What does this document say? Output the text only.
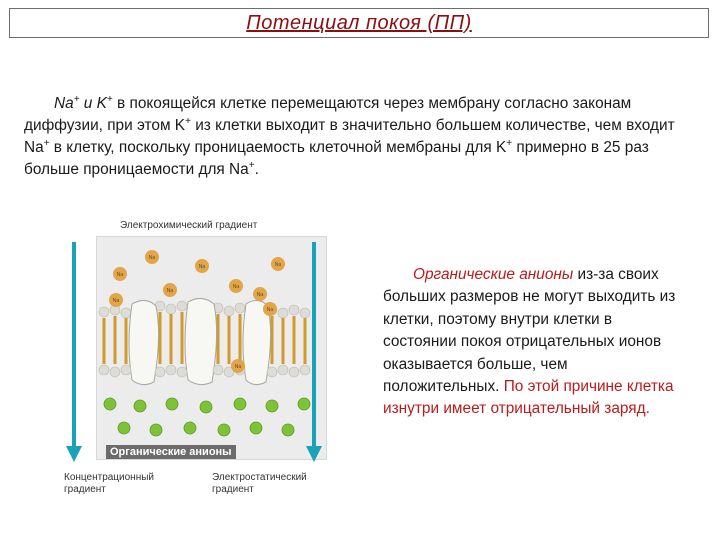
Потенциал покоя (ПП)

Na+ и K+ в покоящейся клетке перемещаются через мембрану согласно законам диффузии, при этом K+ из клетки выходит в значительно большем количестве, чем входит Na+ в клетку, поскольку проницаемость клеточной мембраны для K+ примерно в 25 раз больше проницаемости для Na+.

Электрохимический градиент
Na
Na	Na
Na
Na
Na
Na
Na
Na
Na
Органические анионы
Концентрационный
градиент
Электростатический
градиент

Органические анионы из-за своих больших размеров не могут выходить из клетки, поэтому внутри клетки в состоянии покоя отрицательных ионов оказывается больше, чем положительных. По этой причине клетка изнутри имеет отрицательный заряд.
